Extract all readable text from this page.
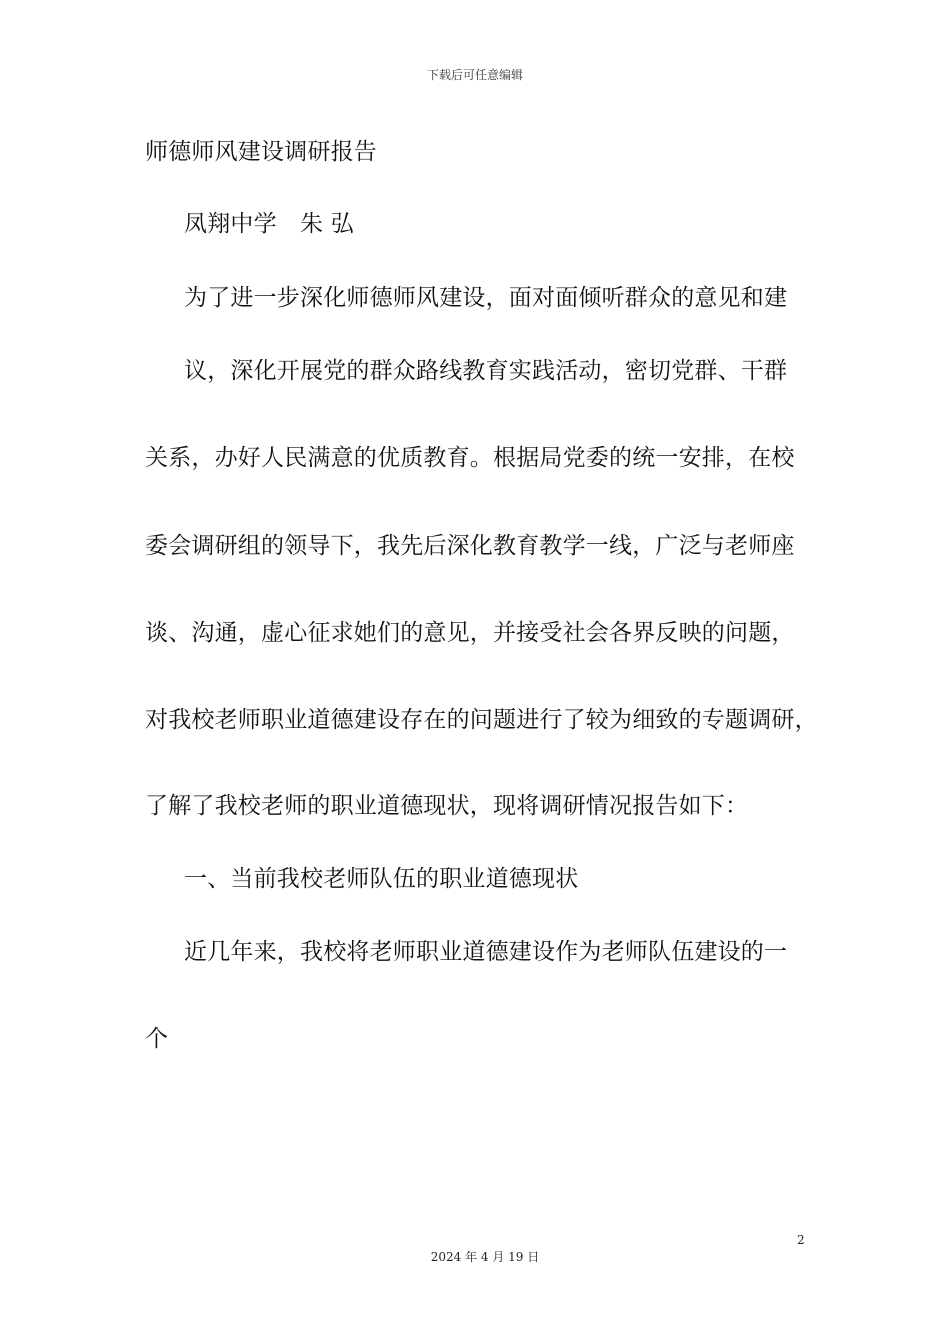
下载后可任意编辑
师德师风建设调研报告
凤翔中学　朱 弘
为了进一步深化师德师风建设，面对面倾听群众的意见和建
议，深化开展党的群众路线教育实践活动，密切党群、干群
关系，办好人民满意的优质教育。根据局党委的统一安排，在校
委会调研组的领导下，我先后深化教育教学一线，广泛与老师座
谈、沟通，虚心征求她们的意见，并接受社会各界反映的问题，
对我校老师职业道德建设存在的问题进行了较为细致的专题调研，
了解了我校老师的职业道德现状，现将调研情况报告如下：
一、当前我校老师队伍的职业道德现状
近几年来，我校将老师职业道德建设作为老师队伍建设的一
个
2
2024 年 4 月 19 日
